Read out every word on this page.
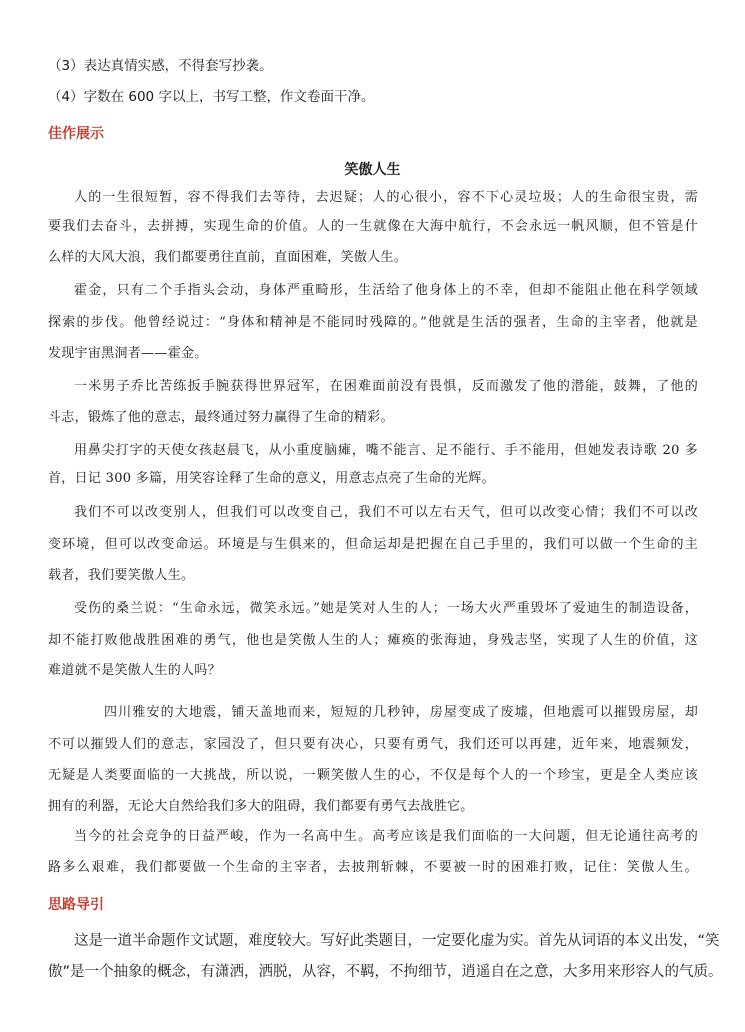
（3）表达真情实感，不得套写抄袭。
（4）字数在 600 字以上，书写工整，作文卷面干净。
佳作展示
笑傲人生
人的一生很短暂，容不得我们去等待，去迟疑；人的心很小，容不下心灵垃圾；人的生命很宝贵，需
要我们去奋斗，去拼搏，实现生命的价值。人的一生就像在大海中航行，不会永远一帆风顺，但不管是什
么样的大风大浪，我们都要勇往直前，直面困难，笑傲人生。
霍金，只有二个手指头会动，身体严重畸形，生活给了他身体上的不幸，但却不能阻止他在科学领域
探索的步伐。他曾经说过：“身体和精神是不能同时残障的。”他就是生活的强者，生命的主宰者，他就是
发现宇宙黑洞者——霍金。
一米男子乔比苦练扳手腕获得世界冠军，在困难面前没有畏惧，反而激发了他的潜能，鼓舞，了他的
斗志，锻炼了他的意志，最终通过努力赢得了生命的精彩。
用鼻尖打字的天使女孩赵晨飞，从小重度脑瘫，嘴不能言、足不能行、手不能用，但她发表诗歌 20 多
首，日记 300 多篇，用笑容诠释了生命的意义，用意志点亮了生命的光辉。
我们不可以改变别人，但我们可以改变自己，我们不可以左右天气，但可以改变心情；我们不可以改
变环境，但可以改变命运。环境是与生俱来的，但命运却是把握在自己手里的，我们可以做一个生命的主
载者，我们要笑傲人生。
受伤的桑兰说：“生命永远，微笑永远。”她是笑对人生的人；一场大火严重毁坏了爱迪生的制造设备，
却不能打败他战胜困难的勇气，他也是笑傲人生的人；瘫痪的张海迪，身残志坚，实现了人生的价值，这
难道就不是笑傲人生的人吗？
四川雅安的大地震，铺天盖地而来，短短的几秒钟，房屋变成了废墟，但地震可以摧毁房屋，却
不可以摧毁人们的意志，家园没了，但只要有决心，只要有勇气，我们还可以再建，近年来，地震频发，
无疑是人类要面临的一大挑战，所以说，一颗笑傲人生的心，不仅是每个人的一个珍宝，更是全人类应该
拥有的利器，无论大自然给我们多大的阻碍，我们都要有勇气去战胜它。
当今的社会竞争的日益严峻，作为一名高中生。高考应该是我们面临的一大问题，但无论通往高考的
路多么艰难，我们都要做一个生命的主宰者，去披荆斩棘，不要被一时的困难打败，记住：笑傲人生。
思路导引
这是一道半命题作文试题，难度较大。写好此类题目，一定要化虚为实。首先从词语的本义出发，“笑
傲”是一个抽象的概念，有潇洒，洒脱，从容，不羁，不拘细节，逍遥自在之意，大多用来形容人的气质。
